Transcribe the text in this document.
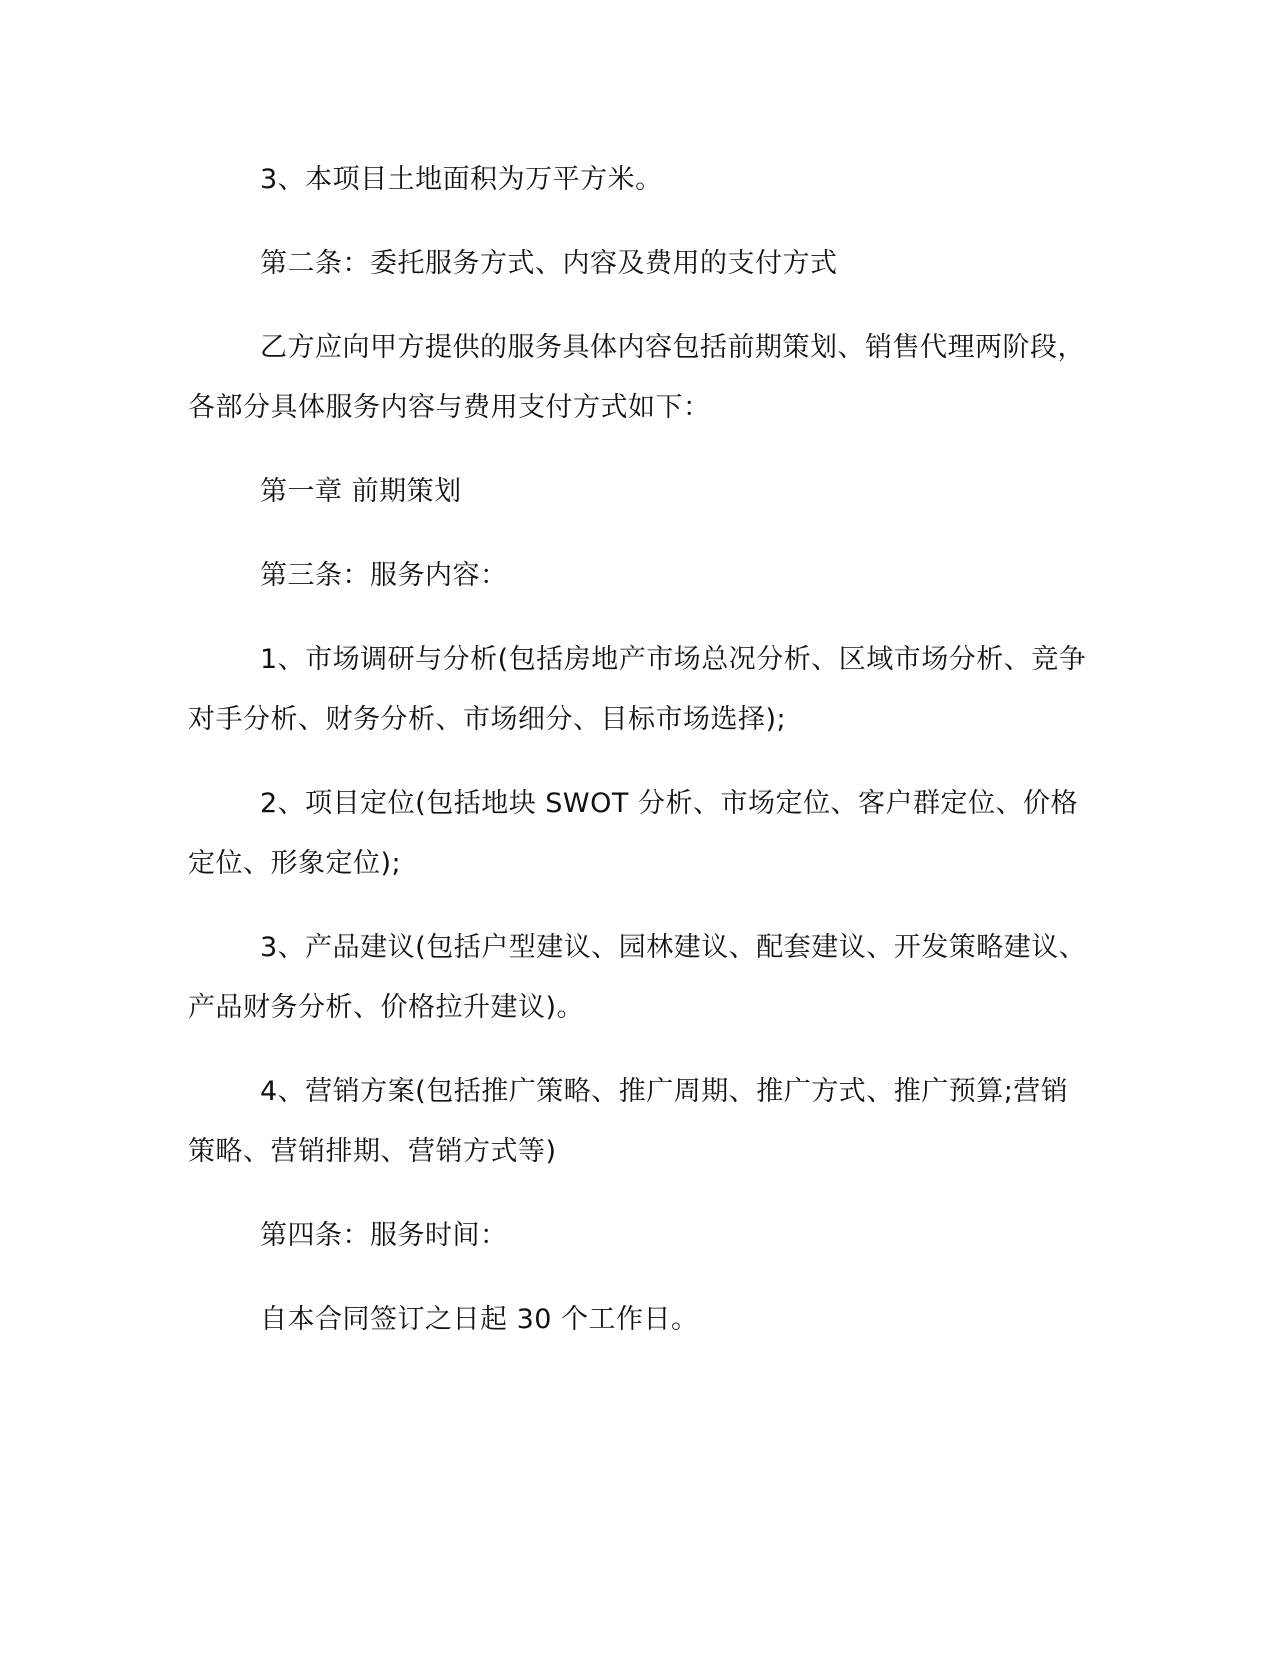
3、本项目土地面积为万平方米。

第二条：委托服务方式、内容及费用的支付方式

乙方应向甲方提供的服务具体内容包括前期策划、销售代理两阶段，各部分具体服务内容与费用支付方式如下：

第一章 前期策划

第三条：服务内容：

1、市场调研与分析(包括房地产市场总况分析、区域市场分析、竞争对手分析、财务分析、市场细分、目标市场选择);

2、项目定位(包括地块 SWOT 分析、市场定位、客户群定位、价格定位、形象定位);

3、产品建议(包括户型建议、园林建议、配套建议、开发策略建议、产品财务分析、价格拉升建议)。

4、营销方案(包括推广策略、推广周期、推广方式、推广预算;营销策略、营销排期、营销方式等)

第四条：服务时间：

自本合同签订之日起 30 个工作日。
